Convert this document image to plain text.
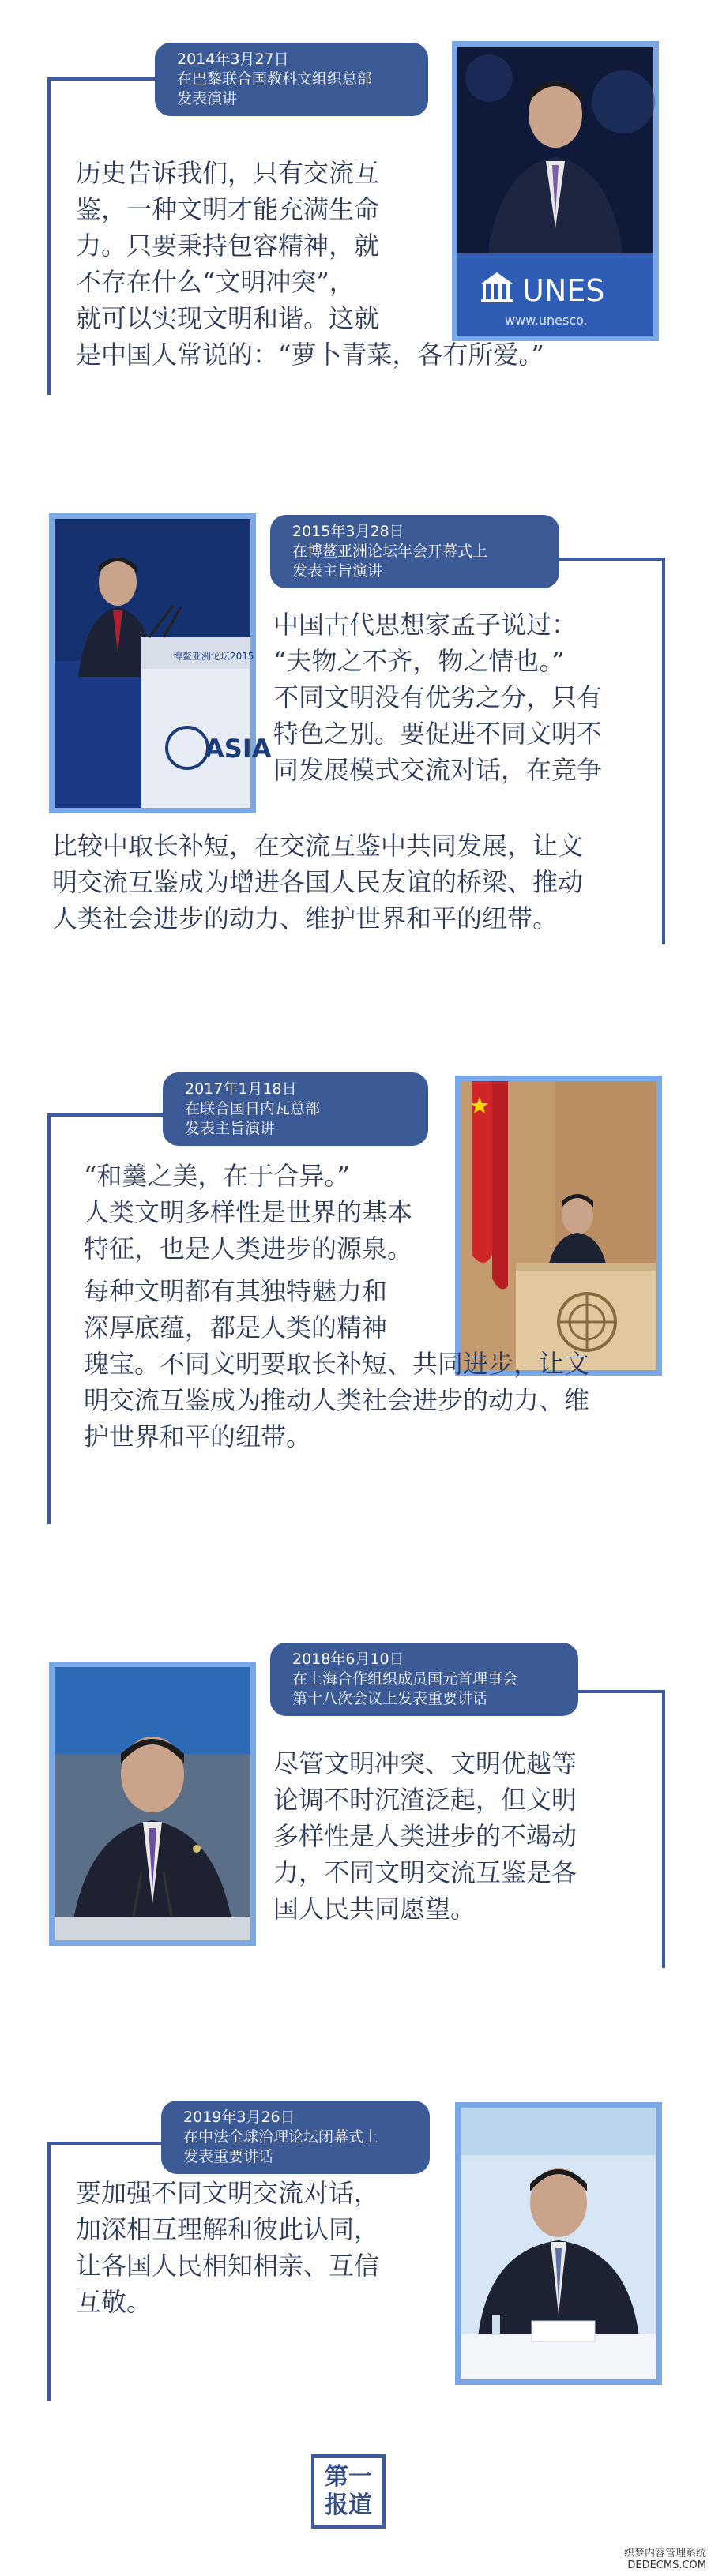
2014年3月27日
在巴黎联合国教科文组织总部
发表演讲
UNES
www.unesco.
历史告诉我们，只有交流互
鉴，一种文明才能充满生命
力。只要秉持包容精神，就
不存在什么“文明冲突”，
就可以实现文明和谐。这就
是中国人常说的：“萝卜青菜，各有所爱。”
2015年3月28日
在博鳌亚洲论坛年会开幕式上
发表主旨演讲
博鳌亚洲论坛2015
ASIA
中国古代思想家孟子说过：
“夫物之不齐，物之情也。”
不同文明没有优劣之分，只有
特色之别。要促进不同文明不
同发展模式交流对话，在竞争
比较中取长补短，在交流互鉴中共同发展，让文
明交流互鉴成为增进各国人民友谊的桥梁、推动
人类社会进步的动力、维护世界和平的纽带。
2017年1月18日
在联合国日内瓦总部
发表主旨演讲
“和羹之美，在于合异。”
人类文明多样性是世界的基本
特征，也是人类进步的源泉。
每种文明都有其独特魅力和
深厚底蕴，都是人类的精神
瑰宝。不同文明要取长补短、共同进步，让文
明交流互鉴成为推动人类社会进步的动力、维
护世界和平的纽带。
2018年6月10日
在上海合作组织成员国元首理事会
第十八次会议上发表重要讲话
尽管文明冲突、文明优越等
论调不时沉渣泛起，但文明
多样性是人类进步的不竭动
力，不同文明交流互鉴是各
国人民共同愿望。
2019年3月26日
在中法全球治理论坛闭幕式上
发表重要讲话
要加强不同文明交流对话，
加深相互理解和彼此认同，
让各国人民相知相亲、互信
互敬。
第一
报道
织梦内容管理系统
DEDECMS.COM
